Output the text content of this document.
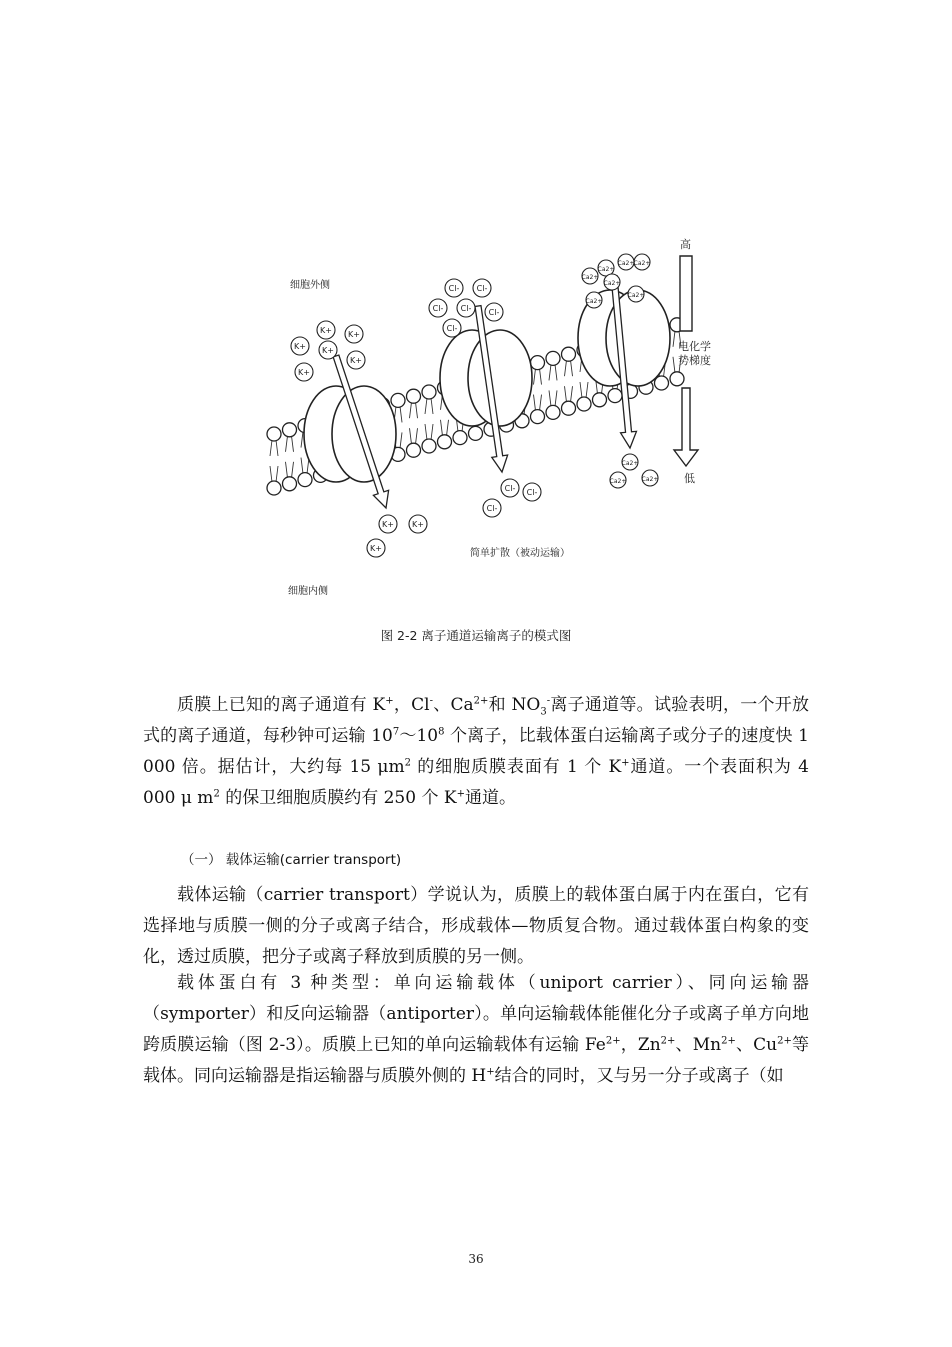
K+ K+
K+ K+
K+
K+
K+ K+
K+
Cl- Cl-
Cl- Cl- Cl-
Cl-
Cl- Cl-
Cl-
Ca2+
Ca2+ Ca2+
Ca2+
Ca2+
Ca2+
Ca2+
Ca2+
Ca2+	Ca2+
高
电化学
势梯度
低
细胞外侧
简单扩散（被动运输）
细胞内侧
图 2-2 离子通道运输离子的模式图

质膜上已知的离子通道有 K+，Cl-、$Ca^{2+}$和 $NO_3^-$离子通道等。试验表明，一个开放式的离子通道，每秒钟可运输 $10^7\sim 10^8$ 个离子，比载体蛋白运输离子或分子的速度快 1 000 倍。据估计，大约每 15 $\mu m^2$ 的细胞质膜表面有 1 个 K+通道。一个表面积为 4 000 μ $m^2$ 的保卫细胞质膜约有 250 个 K+通道。

（一） 载体运输(carrier transport)

载体运输（carrier transport）学说认为，质膜上的载体蛋白属于内在蛋白，它有选择地与质膜一侧的分子或离子结合，形成载体—物质复合物。通过载体蛋白构象的变化，透过质膜，把分子或离子释放到质膜的另一侧。

载体蛋白有 3 种类型：单向运输载体（uniport carrier）、同向运输器（symporter）和反向运输器（antiporter）。单向运输载体能催化分子或离子单方向地跨质膜运输（图 2-3）。质膜上已知的单向运输载体有运输 $Fe^{2+}$，$Zn^{2+}$、$Mn^{2+}$、$Cu^{2+}$等载体。同向运输器是指运输器与质膜外侧的 H+结合的同时，又与另一分子或离子（如

36
